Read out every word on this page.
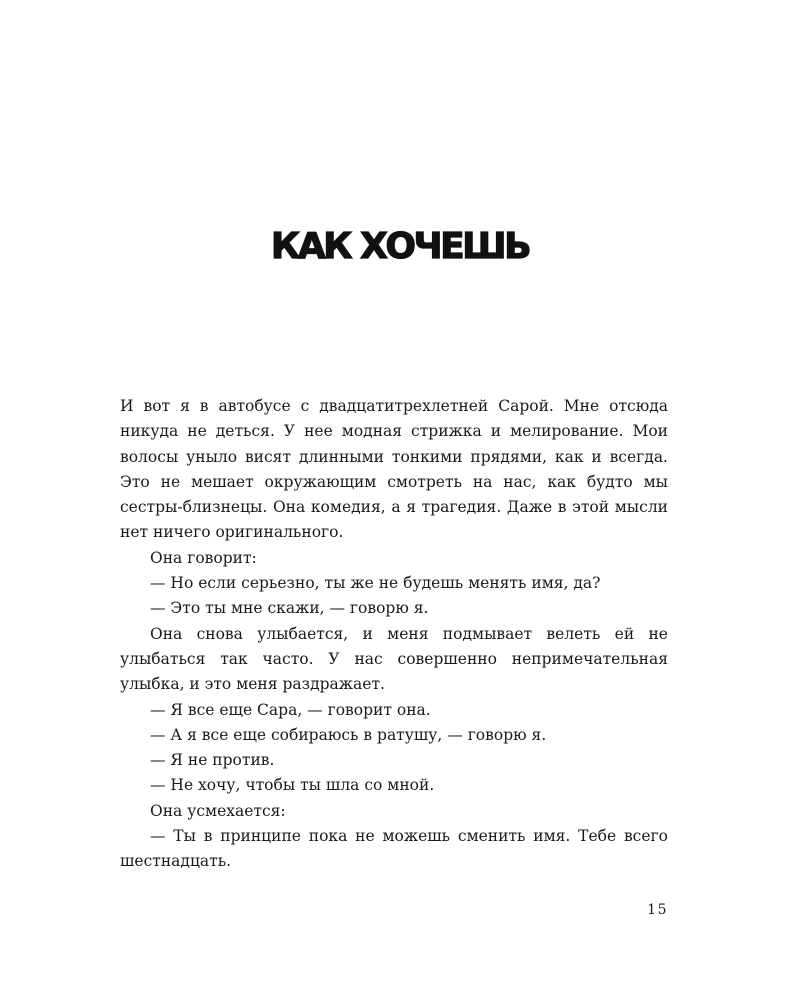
КАК ХОЧЕШЬ

И вот я в автобусе с двадцатитрехлетней Сарой. Мне отсюда никуда не деться. У нее модная стрижка и мелирование. Мои волосы уныло висят длинными тонкими прядями, как и всегда. Это не мешает окружающим смотреть на нас, как будто мы сестры-близнецы. Она комедия, а я трагедия. Даже в этой мысли нет ничего оригинального.

Она говорит:

— Но если серьезно, ты же не будешь менять имя, да?

— Это ты мне скажи, — говорю я.

Она снова улыбается, и меня подмывает велеть ей не улыбаться так часто. У нас совершенно непримечательная улыбка, и это меня раздражает.

— Я все еще Сара, — говорит она.

— А я все еще собираюсь в ратушу, — говорю я.

— Я не против.

— Не хочу, чтобы ты шла со мной.

Она усмехается:

— Ты в принципе пока не можешь сменить имя. Тебе всего шестнадцать.

15
